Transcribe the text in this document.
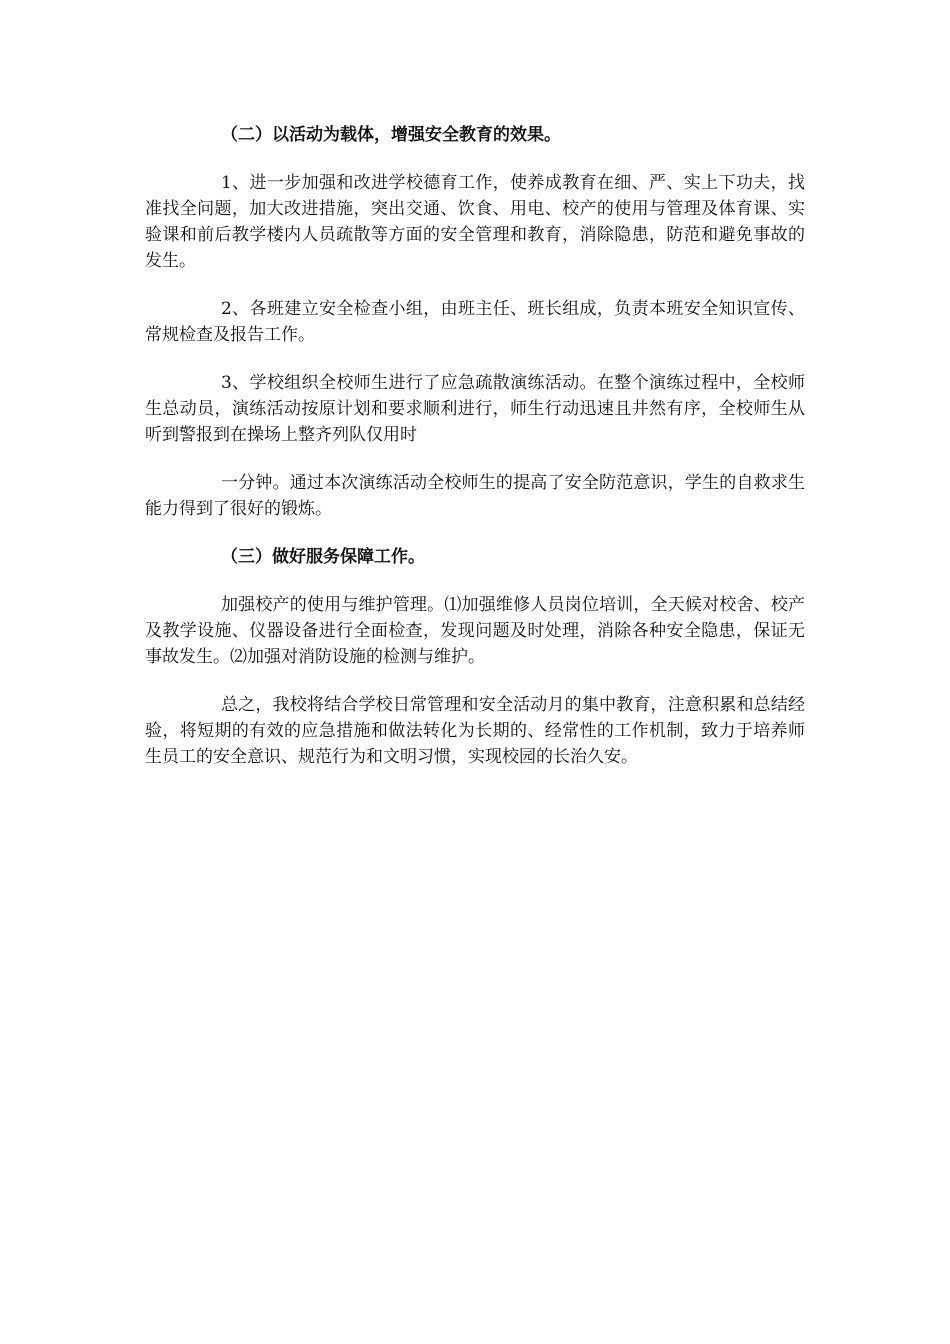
（二）以活动为载体，增强安全教育的效果。

1、进一步加强和改进学校德育工作，使养成教育在细、严、实上下功夫，找准找全问题，加大改进措施，突出交通、饮食、用电、校产的使用与管理及体育课、实验课和前后教学楼内人员疏散等方面的安全管理和教育，消除隐患，防范和避免事故的发生。

2、各班建立安全检查小组，由班主任、班长组成，负责本班安全知识宣传、常规检查及报告工作。

3、学校组织全校师生进行了应急疏散演练活动。在整个演练过程中，全校师生总动员，演练活动按原计划和要求顺利进行，师生行动迅速且井然有序，全校师生从听到警报到在操场上整齐列队仅用时

一分钟。通过本次演练活动全校师生的提高了安全防范意识，学生的自救求生能力得到了很好的锻炼。

（三）做好服务保障工作。

加强校产的使用与维护管理。⑴加强维修人员岗位培训，全天候对校舍、校产及教学设施、仪器设备进行全面检查，发现问题及时处理，消除各种安全隐患，保证无事故发生。⑵加强对消防设施的检测与维护。

总之，我校将结合学校日常管理和安全活动月的集中教育，注意积累和总结经验，将短期的有效的应急措施和做法转化为长期的、经常性的工作机制，致力于培养师生员工的安全意识、规范行为和文明习惯，实现校园的长治久安。
